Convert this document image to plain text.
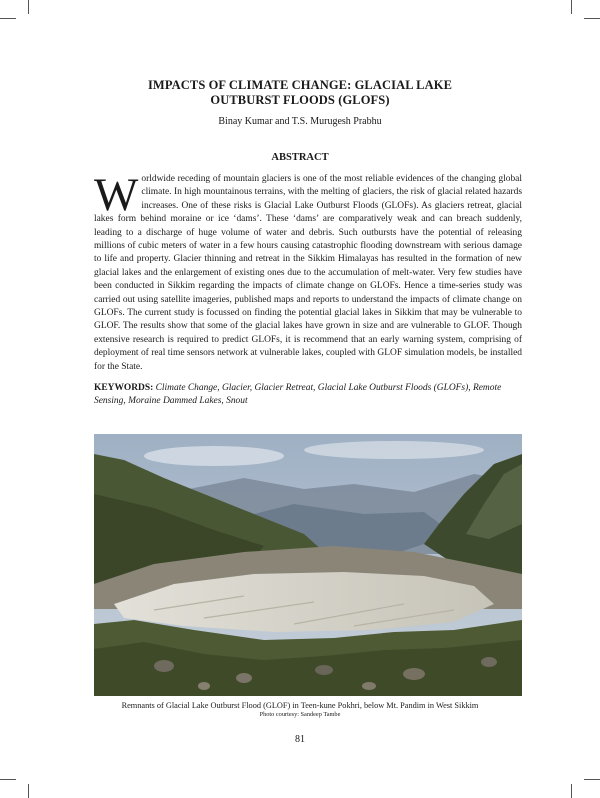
IMPACTS OF CLIMATE CHANGE: GLACIAL LAKE
OUTBURST FLOODS (GLOFS)
Binay Kumar and T.S. Murugesh Prabhu
ABSTRACT
Worldwide receding of mountain glaciers is one of the most reliable evidences of the changing global climate. In high mountainous terrains, with the melting of glaciers, the risk of glacial related hazards increases. One of these risks is Glacial Lake Outburst Floods (GLOFs). As glaciers retreat, glacial lakes form behind moraine or ice ‘dams’. These ‘dams’ are comparatively weak and can breach suddenly, leading to a discharge of huge volume of water and debris. Such outbursts have the potential of releasing millions of cubic meters of water in a few hours causing catastrophic flooding downstream with serious damage to life and property. Glacier thinning and retreat in the Sikkim Himalayas has resulted in the formation of new glacial lakes and the enlargement of existing ones due to the accumulation of melt-water. Very few studies have been conducted in Sikkim regarding the impacts of climate change on GLOFs. Hence a time-series study was carried out using satellite imageries, published maps and reports to understand the impacts of climate change on GLOFs. The current study is focussed on finding the potential glacial lakes in Sikkim that may be vulnerable to GLOF. The results show that some of the glacial lakes have grown in size and are vulnerable to GLOF. Though extensive research is required to predict GLOFs, it is recommend that an early warning system, comprising of deployment of real time sensors network at vulnerable lakes, coupled with GLOF simulation models, be installed for the State.
KEYWORDS: Climate Change, Glacier, Glacier Retreat, Glacial Lake Outburst Floods (GLOFs), Remote Sensing, Moraine Dammed Lakes, Snout
Remnants of Glacial Lake Outburst Flood (GLOF) in Teen-kune Pokhri, below Mt. Pandim in West Sikkim
Photo courtesy: Sandeep Tambe
81
